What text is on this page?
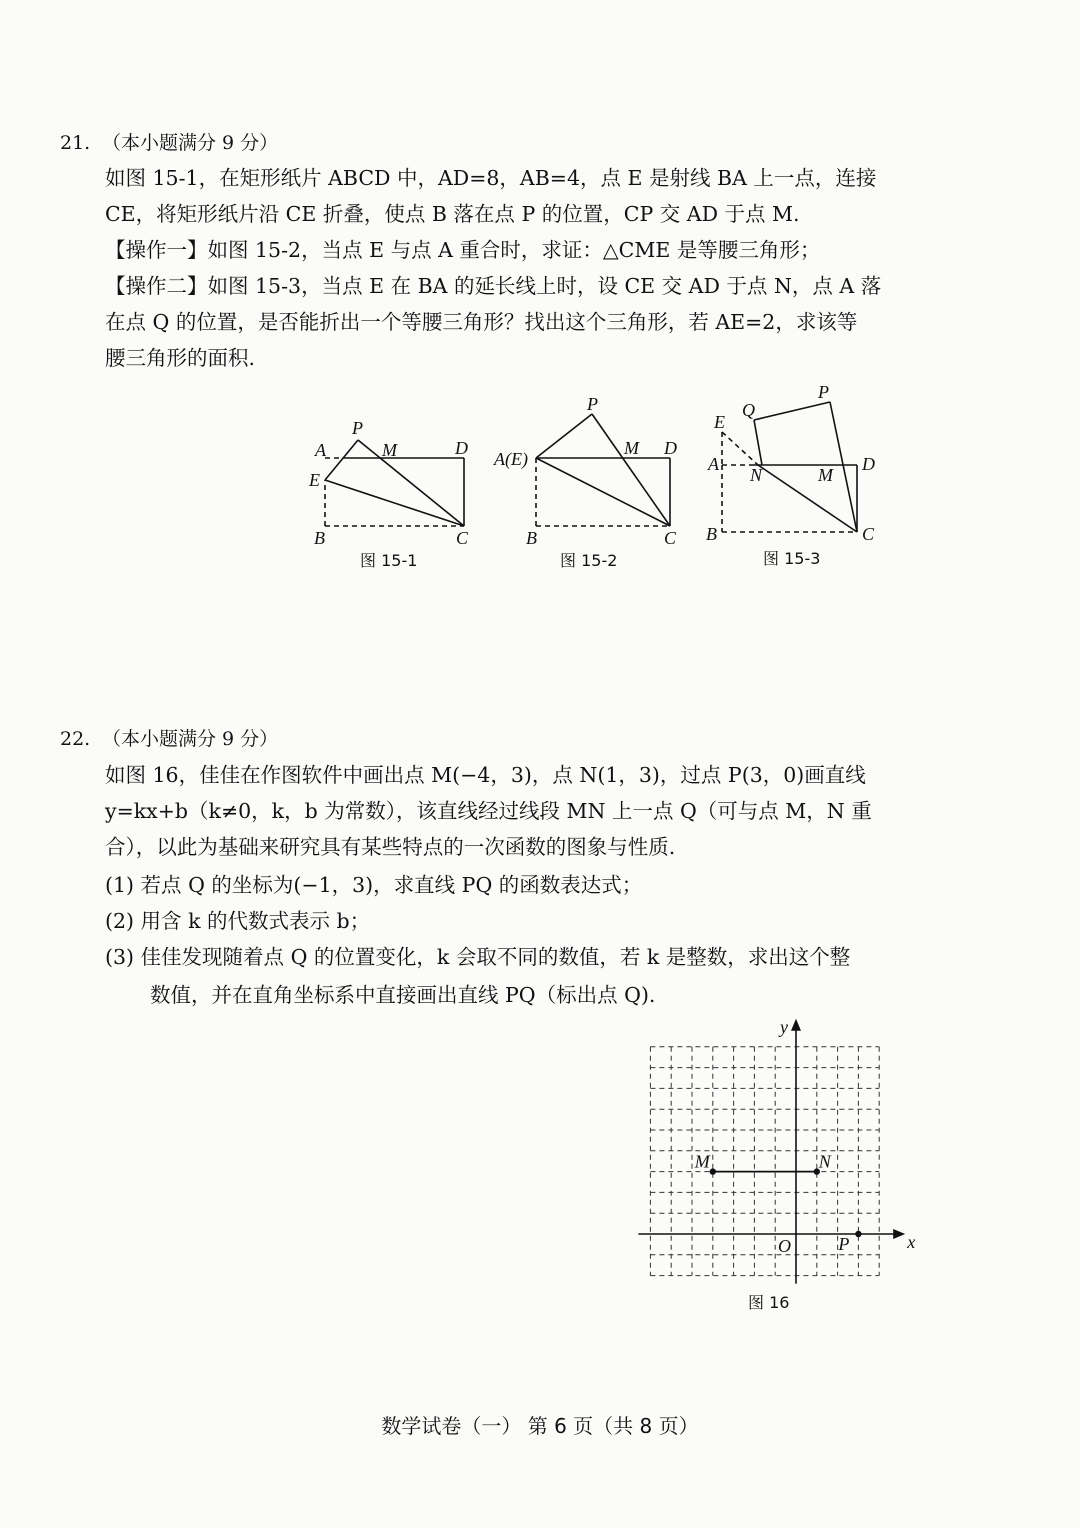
21. （本小题满分 9 分）
如图 15-1，在矩形纸片 ABCD 中，AD=8，AB=4，点 E 是射线 BA 上一点，连接
CE，将矩形纸片沿 CE 折叠，使点 B 落在点 P 的位置，CP 交 AD 于点 M.
【操作一】如图 15-2，当点 E 与点 A 重合时，求证：△CME 是等腰三角形；
【操作二】如图 15-3，当点 E 在 BA 的延长线上时，设 CE 交 AD 于点 N，点 A 落
在点 Q 的位置，是否能折出一个等腰三角形？找出这个三角形，若 AE=2，求该等
腰三角形的面积.
A
P
M	D
E
B	C
图 15-1
P
A(E)
M D
B	C
图 15-2
E
Q
P
A
N	M
D
B	C
图 15-3
22. （本小题满分 9 分）
如图 16，佳佳在作图软件中画出点 M(−4，3)，点 N(1，3)，过点 P(3，0)画直线
y=kx+b（k≠0，k，b 为常数），该直线经过线段 MN 上一点 Q（可与点 M，N 重
合），以此为基础来研究具有某些特点的一次函数的图象与性质.
(1) 若点 Q 的坐标为(−1，3)，求直线 PQ 的函数表达式；
(2) 用含 k 的代数式表示 b；
(3) 佳佳发现随着点 Q 的位置变化，k 会取不同的数值，若 k 是整数，求出这个整
数值，并在直角坐标系中直接画出直线 PQ（标出点 Q).
M	N
P	x
y
O
图 16
数学试卷（一） 第 6 页（共 8 页）
